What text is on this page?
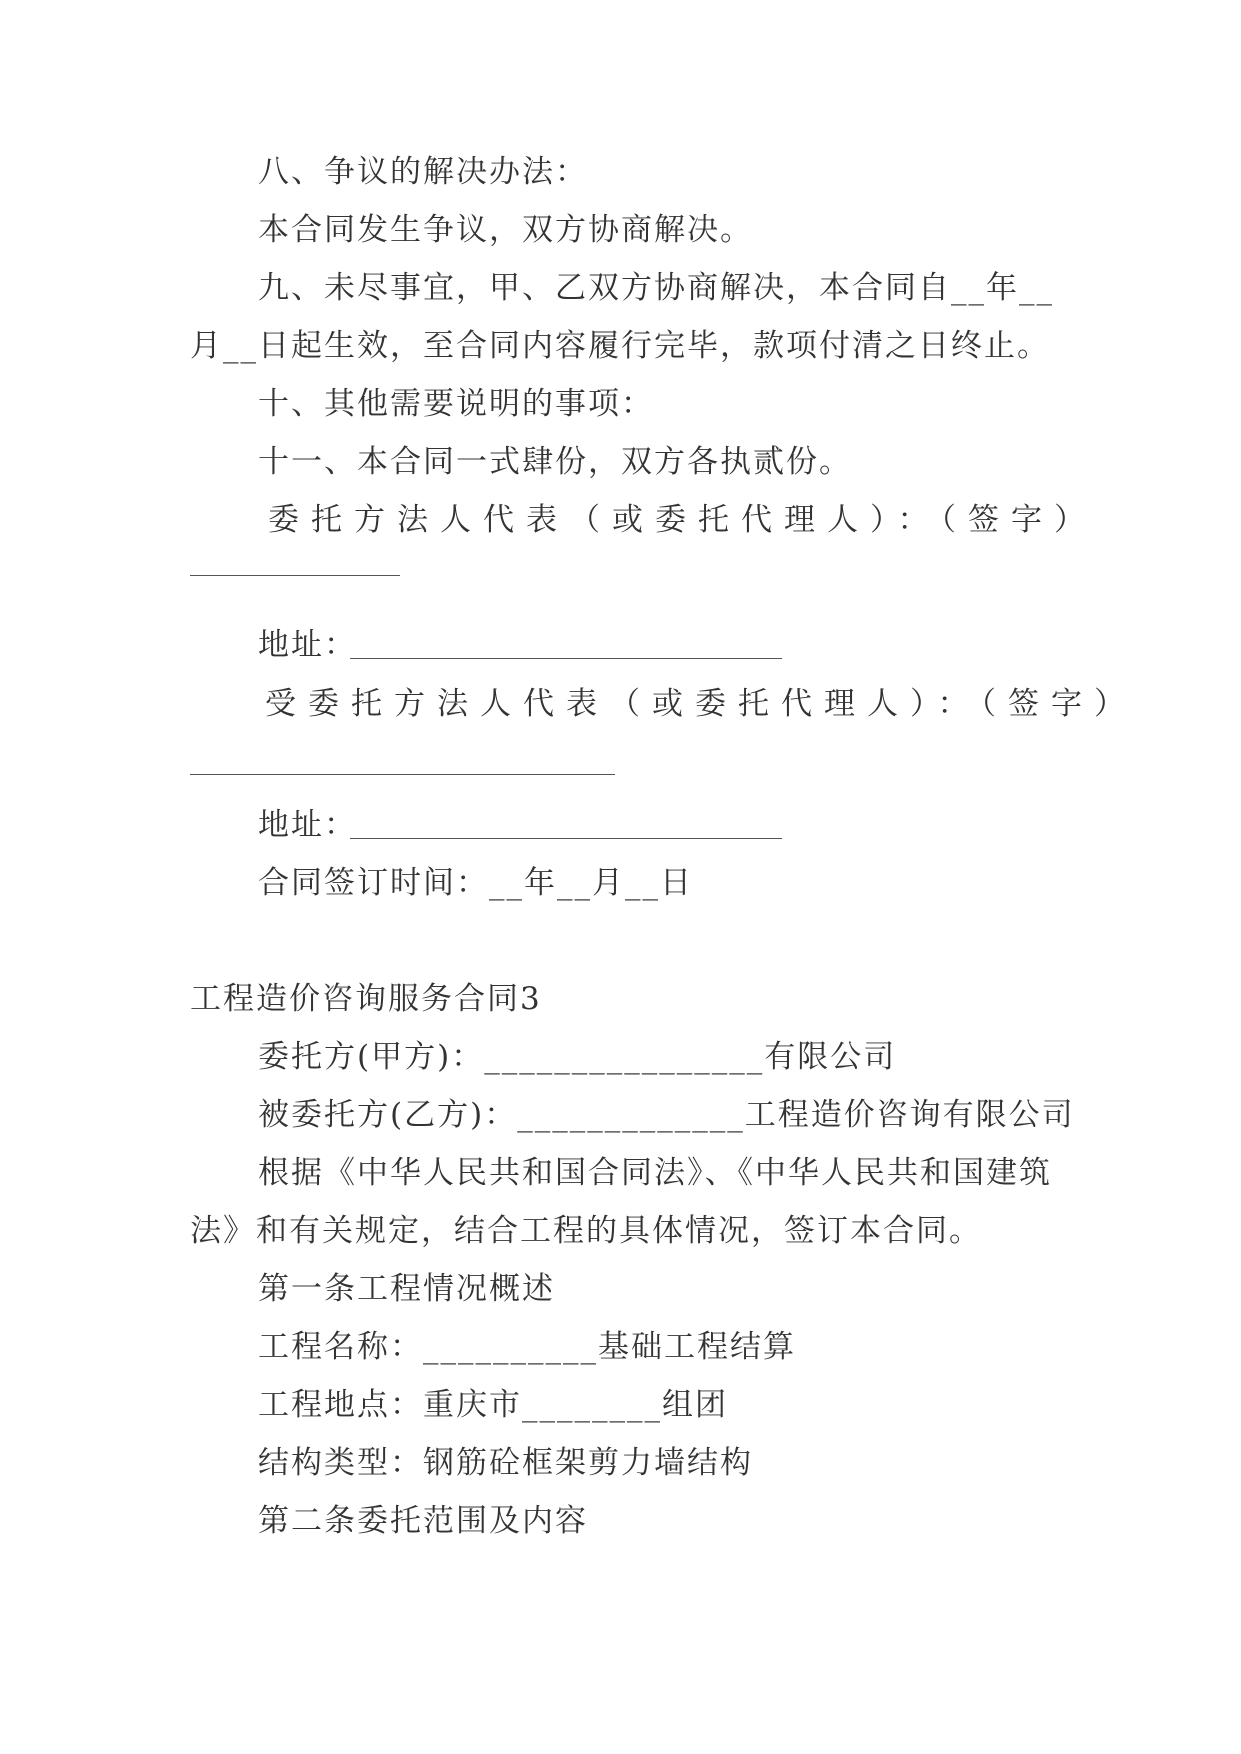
八、争议的解决办法：
本合同发生争议，双方协商解决。
九、未尽事宜，甲、乙双方协商解决，本合同自__年__
月__日起生效，至合同内容履行完毕，款项付清之日终止。
十、其他需要说明的事项：
十一、本合同一式肆份，双方各执贰份。
委托方法人代表（或委托代理人）：（签字）
地址：
受委托方法人代表（或委托代理人）：（签字）
地址：
合同签订时间：__年__月__日
工程造价咨询服务合同3
委托方(甲方)：________________有限公司
被委托方(乙方)：_____________工程造价咨询有限公司
根据《中华人民共和国合同法》、《中华人民共和国建筑
法》和有关规定，结合工程的具体情况，签订本合同。
第一条工程情况概述
工程名称：__________基础工程结算
工程地点：重庆市________组团
结构类型：钢筋砼框架剪力墙结构
第二条委托范围及内容
